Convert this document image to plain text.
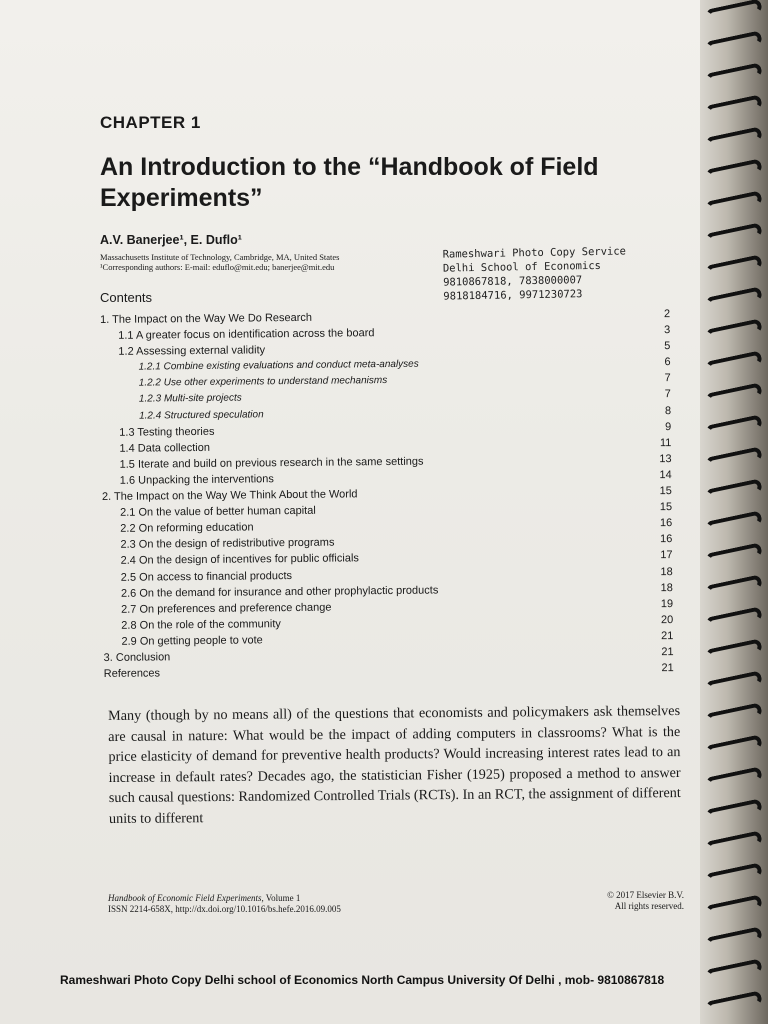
CHAPTER 1
An Introduction to the “Handbook of Field Experiments”
A.V. Banerjee¹, E. Duflo¹
Massachusetts Institute of Technology, Cambridge, MA, United States
¹Corresponding authors: E-mail: eduflo@mit.edu; banerjee@mit.edu
Rameshwari Photo Copy Service
Delhi School of Economics
9810867818, 7838000007
9818184716, 9971230723
Contents
1. The Impact on the Way We Do Research	2
1.1 A greater focus on identification across the board	3
1.2 Assessing external validity	5
1.2.1 Combine existing evaluations and conduct meta-analyses	6
1.2.2 Use other experiments to understand mechanisms	7
1.2.3 Multi-site projects	7
1.2.4 Structured speculation	8
1.3 Testing theories	9
1.4 Data collection	11
1.5 Iterate and build on previous research in the same settings	13
1.6 Unpacking the interventions	14
2. The Impact on the Way We Think About the World	15
2.1 On the value of better human capital	15
2.2 On reforming education	16
2.3 On the design of redistributive programs	16
2.4 On the design of incentives for public officials	17
2.5 On access to financial products	18
2.6 On the demand for insurance and other prophylactic products	18
2.7 On preferences and preference change	19
2.8 On the role of the community	20
2.9 On getting people to vote	21
3. Conclusion	21
References	21
Many (though by no means all) of the questions that economists and policymakers ask themselves are causal in nature: What would be the impact of adding computers in classrooms? What is the price elasticity of demand for preventive health products? Would increasing interest rates lead to an increase in default rates? Decades ago, the statistician Fisher (1925) proposed a method to answer such causal questions: Randomized Controlled Trials (RCTs). In an RCT, the assignment of different units to different
Handbook of Economic Field Experiments, Volume 1
ISSN 2214-658X, http://dx.doi.org/10.1016/bs.hefe.2016.09.005
© 2017 Elsevier B.V.
All rights reserved.
Rameshwari Photo Copy Delhi school of Economics North Campus University Of Delhi , mob- 9810867818
